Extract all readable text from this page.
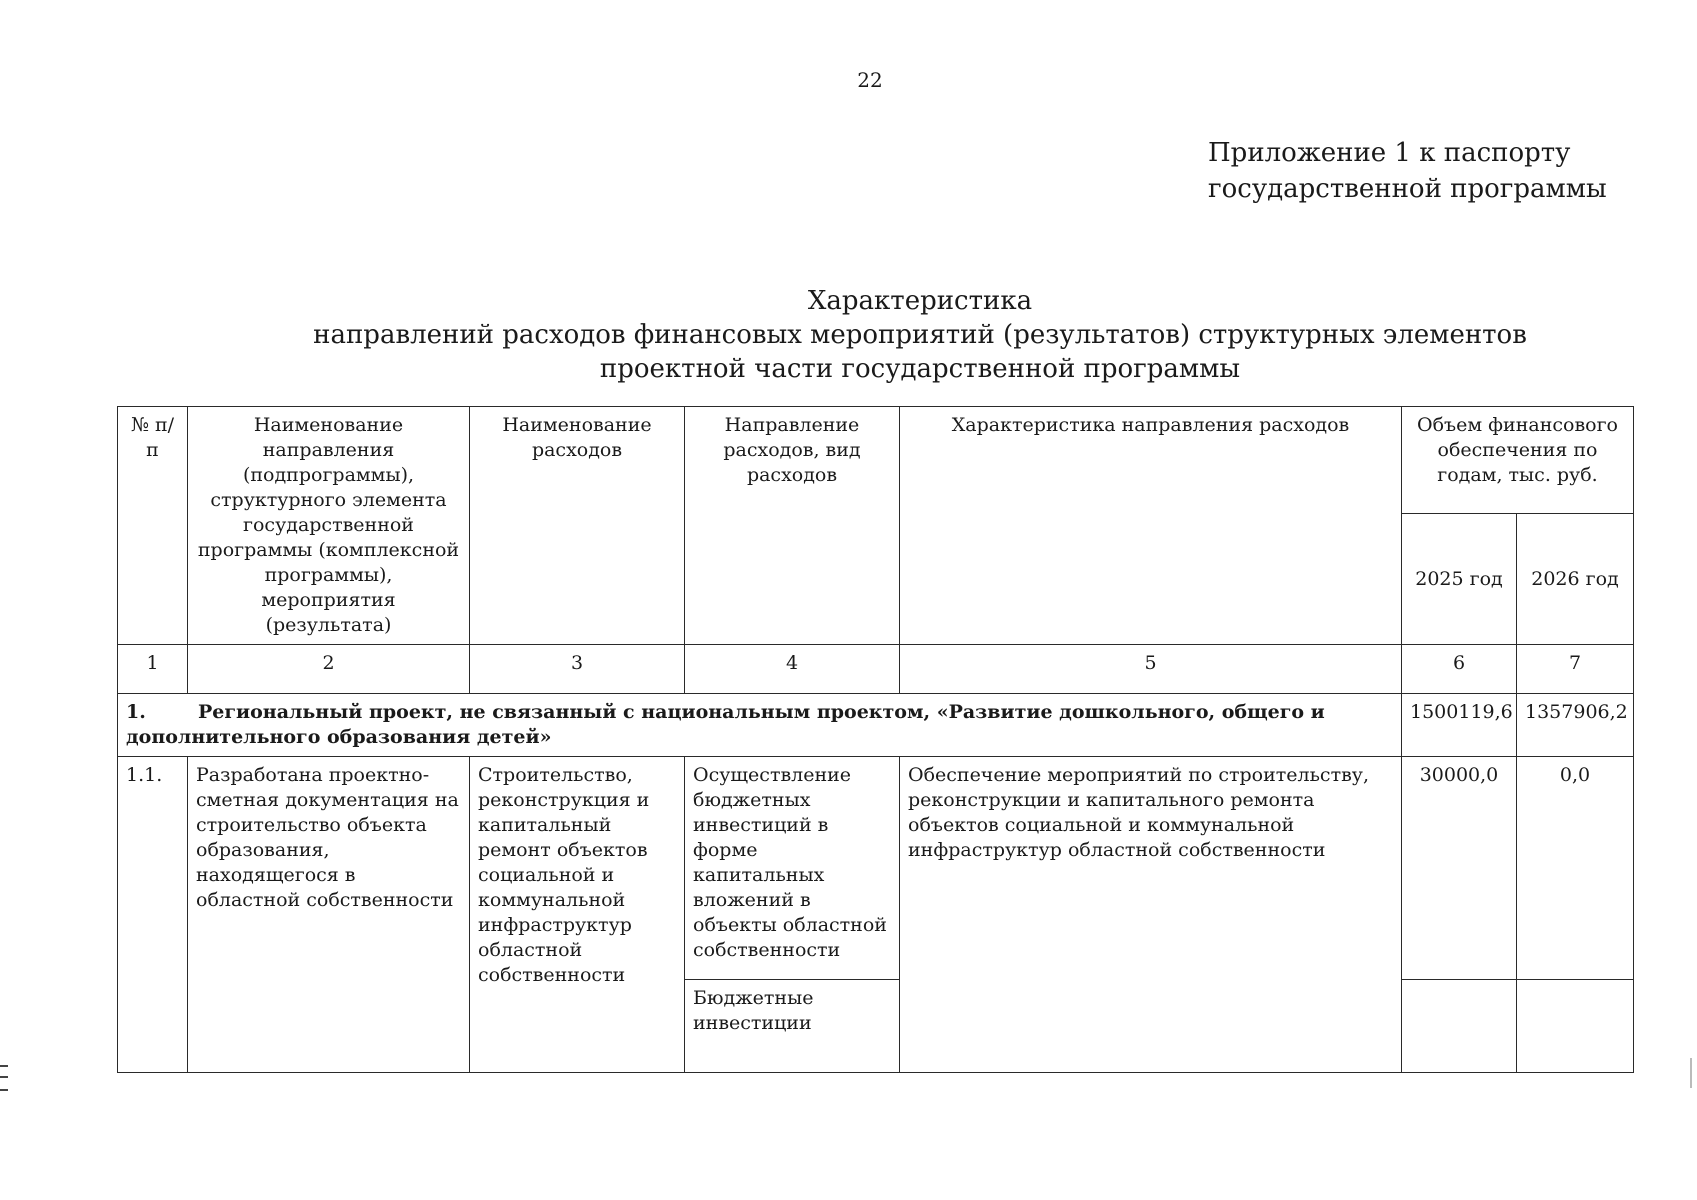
22
Приложение 1 к паспорту
государственной программы
Характеристика
направлений расходов финансовых мероприятий (результатов) структурных элементов
проектной части государственной программы
№ п/п	Наименование направления (подпрограммы), структурного элемента государственной программы (комплексной программы), мероприятия (результата)	Наименование расходов	Направление расходов, вид расходов	Характеристика направления расходов	Объем финансового обеспечения по годам, тыс. руб.	
					2025 год	2026 год
1	2	3	4	5	6	7
1. Региональный проект, не связанный с национальным проектом, «Развитие дошкольного, общего и дополнительного образования детей»					1500119,6	1357906,2
1.1.	Разработана проектно-сметная документация на строительство объекта образования, находящегося в областной собственности	Строительство, реконструкция и капитальный ремонт объектов социальной и коммунальной инфраструктур областной собственности	Осуществление бюджетных инвестиций в форме капитальных вложений в объекты областной собственности	Обеспечение мероприятий по строительству, реконструкции и капитального ремонта объектов социальной и коммунальной инфраструктур областной собственности	30000,0	0,0
			Бюджетные инвестиции			
